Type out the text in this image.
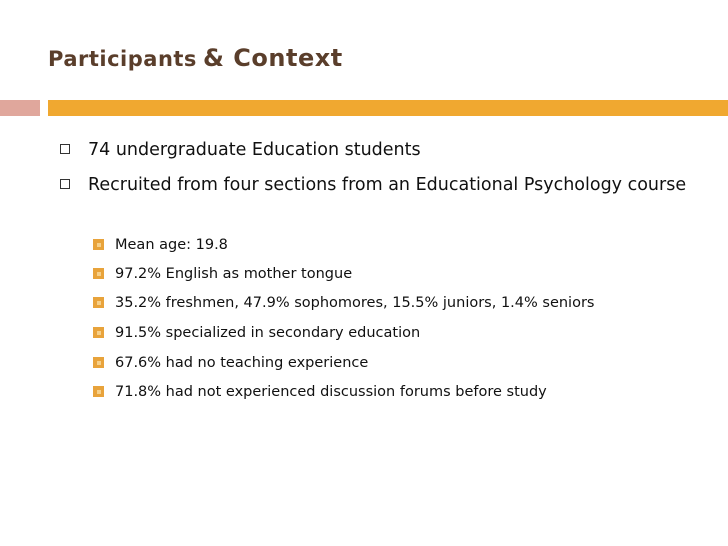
Participants & Context
74 undergraduate Education students
Recruited from four sections from an Educational Psychology course
Mean age: 19.8
97.2% English as mother tongue
35.2% freshmen, 47.9% sophomores, 15.5% juniors, 1.4% seniors
91.5% specialized in secondary education
67.6% had no teaching experience
71.8% had not experienced discussion forums before study
